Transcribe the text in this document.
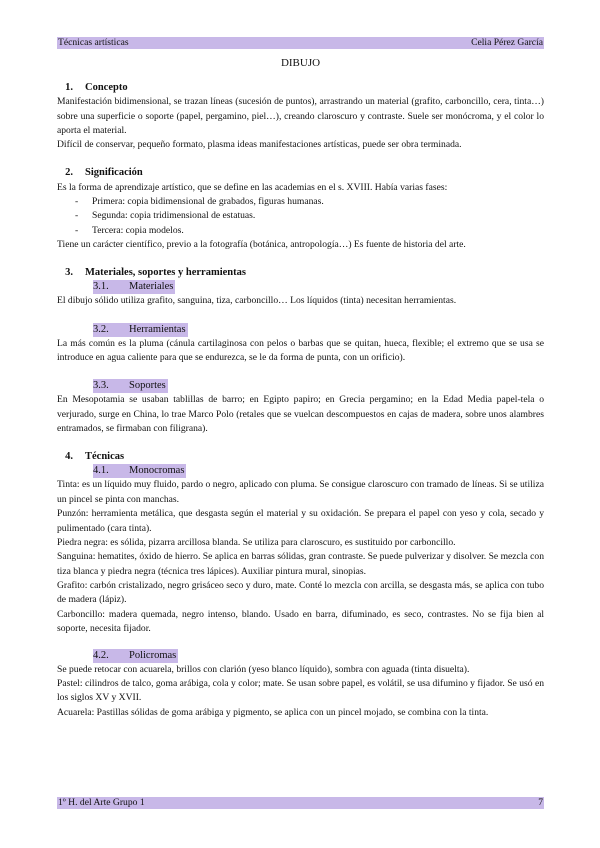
Técnicas artísticas	Celia Pérez García
DIBUJO
1.	Concepto

Manifestación bidimensional, se trazan líneas (sucesión de puntos), arrastrando un material (grafito, carboncillo, cera, tinta…) sobre una superficie o soporte (papel, pergamino, piel…), creando claroscuro y contraste. Suele ser monócroma, y el color lo aporta el material.

Difícil de conservar, pequeño formato, plasma ideas manifestaciones artísticas, puede ser obra terminada.

2.	Significación

Es la forma de aprendizaje artístico, que se define en las academias en el s. XVIII. Había varias fases:

-	Primera: copia bidimensional de grabados, figuras humanas.
-	Segunda: copia tridimensional de estatuas.
-	Tercera: copia modelos.

Tiene un carácter científico, previo a la fotografía (botánica, antropología…) Es fuente de historia del arte.

3.	Materiales, soportes y herramientas
3.1.	Materiales

El dibujo sólido utiliza grafito, sanguina, tiza, carboncillo… Los líquidos (tinta) necesitan herramientas.

3.2.	Herramientas

La más común es la pluma (cánula cartilaginosa con pelos o barbas que se quitan, hueca, flexible; el extremo que se usa se introduce en agua caliente para que se endurezca, se le da forma de punta, con un orificio).

3.3.	Soportes

En Mesopotamia se usaban tablillas de barro; en Egipto papiro; en Grecia pergamino; en la Edad Media papel-tela o verjurado, surge en China, lo trae Marco Polo (retales que se vuelcan descompuestos en cajas de madera, sobre unos alambres entramados, se firmaban con filigrana).

4.	Técnicas
4.1.	Monocromas

Tinta: es un líquido muy fluido, pardo o negro, aplicado con pluma. Se consigue claroscuro con tramado de líneas. Si se utiliza un pincel se pinta con manchas.

Punzón: herramienta metálica, que desgasta según el material y su oxidación. Se prepara el papel con yeso y cola, secado y pulimentado (cara tinta).

Piedra negra: es sólida, pizarra arcillosa blanda. Se utiliza para claroscuro, es sustituido por carboncillo.

Sanguina: hematites, óxido de hierro. Se aplica en barras sólidas, gran contraste. Se puede pulverizar y disolver. Se mezcla con tiza blanca y piedra negra (técnica tres lápices). Auxiliar pintura mural, sinopias.

Grafito: carbón cristalizado, negro grisáceo seco y duro, mate. Conté lo mezcla con arcilla, se desgasta más, se aplica con tubo de madera (lápiz).

Carboncillo: madera quemada, negro intenso, blando. Usado en barra, difuminado, es seco, contrastes. No se fija bien al soporte, necesita fijador.

4.2.	Policromas

Se puede retocar con acuarela, brillos con clarión (yeso blanco líquido), sombra con aguada (tinta disuelta).

Pastel: cilindros de talco, goma arábiga, cola y color; mate. Se usan sobre papel, es volátil, se usa difumino y fijador. Se usó en los siglos XV y XVII.

Acuarela: Pastillas sólidas de goma arábiga y pigmento, se aplica con un pincel mojado, se combina con la tinta.

1º H. del Arte Grupo 1	7
